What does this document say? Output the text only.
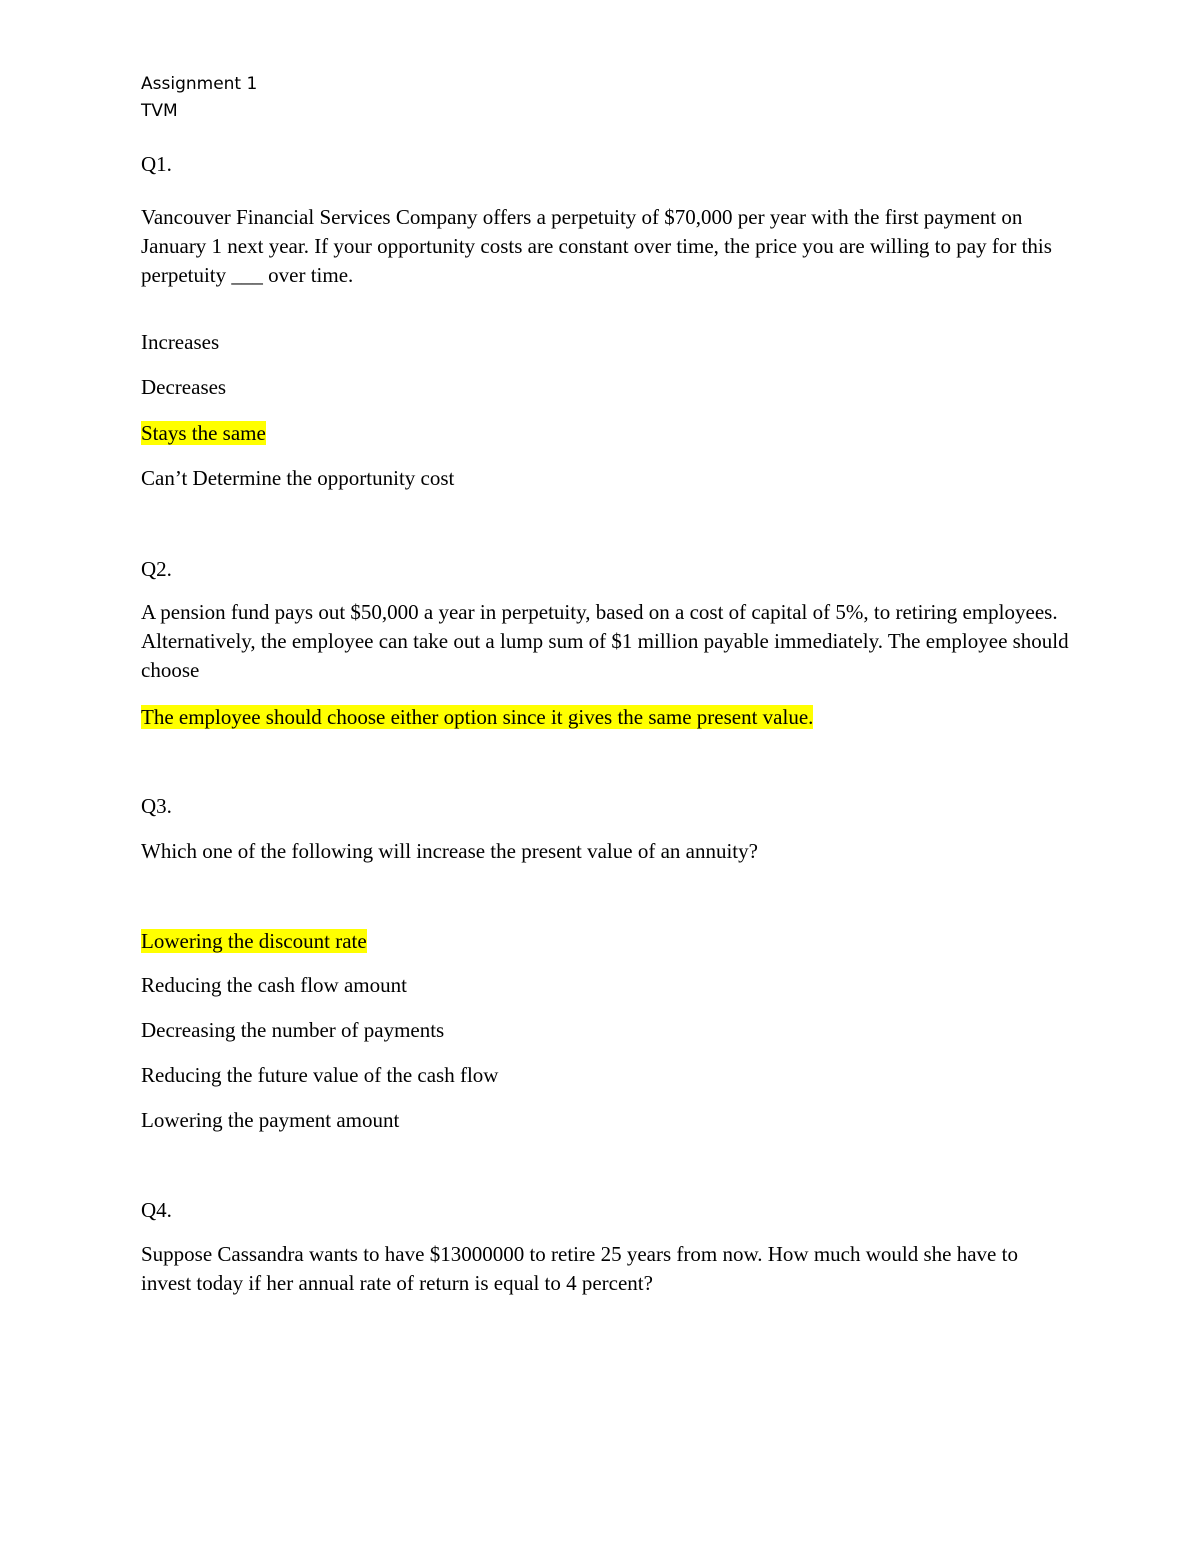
Assignment 1
TVM
Q1.
Vancouver Financial Services Company offers a perpetuity of $70,000 per year with the first payment on January 1 next year. If your opportunity costs are constant over time, the price you are willing to pay for this perpetuity ___ over time.
Increases
Decreases
Stays the same
Can’t Determine the opportunity cost
Q2.
A pension fund pays out $50,000 a year in perpetuity, based on a cost of capital of 5%, to retiring employees. Alternatively, the employee can take out a lump sum of $1 million payable immediately. The employee should choose
The employee should choose either option since it gives the same present value.
Q3.
Which one of the following will increase the present value of an annuity?
Lowering the discount rate
Reducing the cash flow amount
Decreasing the number of payments
Reducing the future value of the cash flow
Lowering the payment amount
Q4.
Suppose Cassandra wants to have $13000000 to retire 25 years from now. How much would she have to invest today if her annual rate of return is equal to 4 percent?
